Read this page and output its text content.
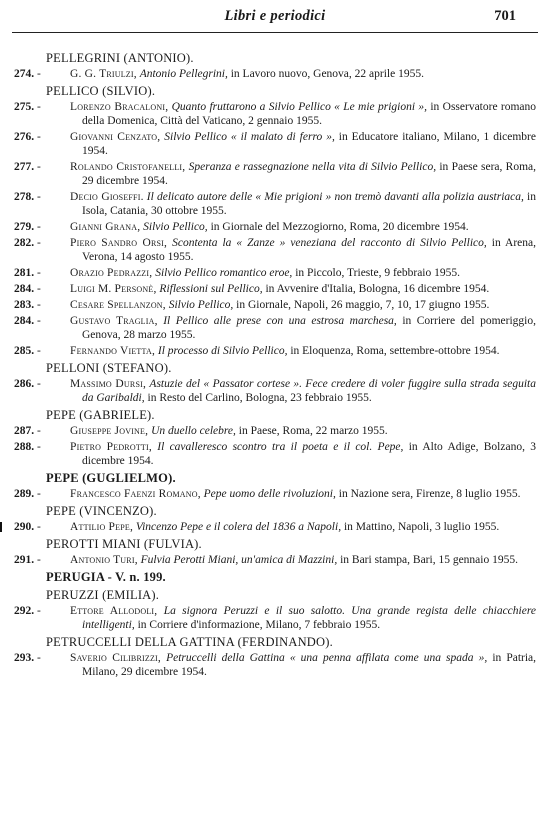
Libri e periodici	701
PELLEGRINI (ANTONIO).
274. -	G. G. Triulzi, Antonio Pellegrini, in Lavoro nuovo, Genova, 22 aprile 1955.
PELLICO (SILVIO).
275. -	Lorenzo Bracaloni, Quanto fruttarono a Silvio Pellico « Le mie prigioni », in Osservatore romano della Domenica, Città del Vaticano, 2 gennaio 1955.
276. -	Giovanni Cenzato, Silvio Pellico « il malato di ferro », in Educatore italiano, Milano, 1 dicembre 1954.
277. -	Rolando Cristofanelli, Speranza e rassegnazione nella vita di Silvio Pellico, in Paese sera, Roma, 29 dicembre 1954.
278. -	Decio Gioseffi. Il delicato autore delle « Mie prigioni » non tremò davanti alla polizia austriaca, in Isola, Catania, 30 ottobre 1955.
279. -	Gianni Grana, Silvio Pellico, in Giornale del Mezzogiorno, Roma, 20 dicembre 1954.
282. -	Piero Sandro Orsi, Scontenta la « Zanze » veneziana del racconto di Silvio Pellico, in Arena, Verona, 14 agosto 1955.
281. -	Orazio Pedrazzi, Silvio Pellico romantico eroe, in Piccolo, Trieste, 9 febbraio 1955.
284. -	Luigi M. Personè, Riflessioni sul Pellico, in Avvenire d'Italia, Bologna, 16 dicembre 1954.
283. -	Cesare Spellanzon, Silvio Pellico, in Giornale, Napoli, 26 maggio, 7, 10, 17 giugno 1955.
284. -	Gustavo Traglia, Il Pellico alle prese con una estrosa marchesa, in Corriere del pomeriggio, Genova, 28 marzo 1955.
285. -	Fernando Vietta, Il processo di Silvio Pellico, in Eloquenza, Roma, settembre-ottobre 1954.
PELLONI (STEFANO).
286. -	Massimo Dursi, Astuzie del « Passator cortese ». Fece credere di voler fuggire sulla strada seguita da Garibaldi, in Resto del Carlino, Bologna, 23 febbraio 1955.
PEPE (GABRIELE).
287. -	Giuseppe Jovine, Un duello celebre, in Paese, Roma, 22 marzo 1955.
288. -	Pietro Pedrotti, Il cavalleresco scontro tra il poeta e il col. Pepe, in Alto Adige, Bolzano, 3 dicembre 1954.
PEPE (GUGLIELMO).
289. -	Francesco Faenzi Romano, Pepe uomo delle rivoluzioni, in Nazione sera, Firenze, 8 luglio 1955.
PEPE (VINCENZO).
290. -	Attilio Pepe, Vincenzo Pepe e il colera del 1836 a Napoli, in Mattino, Napoli, 3 luglio 1955.
PEROTTI MIANI (FULVIA).
291. -	Antonio Turi, Fulvia Perotti Miani, un'amica di Mazzini, in Bari stampa, Bari, 15 gennaio 1955.
PERUGIA - V. n. 199.
PERUZZI (EMILIA).
292. -	Ettore Allodoli, La signora Peruzzi e il suo salotto. Una grande regista delle chiacchiere intelligenti, in Corriere d'informazione, Milano, 7 febbraio 1955.
PETRUCCELLI DELLA GATTINA (FERDINANDO).
293. -	Saverio Cilibrizzi, Petruccelli della Gattina « una penna affilata come una spada », in Patria, Milano, 29 dicembre 1954.
